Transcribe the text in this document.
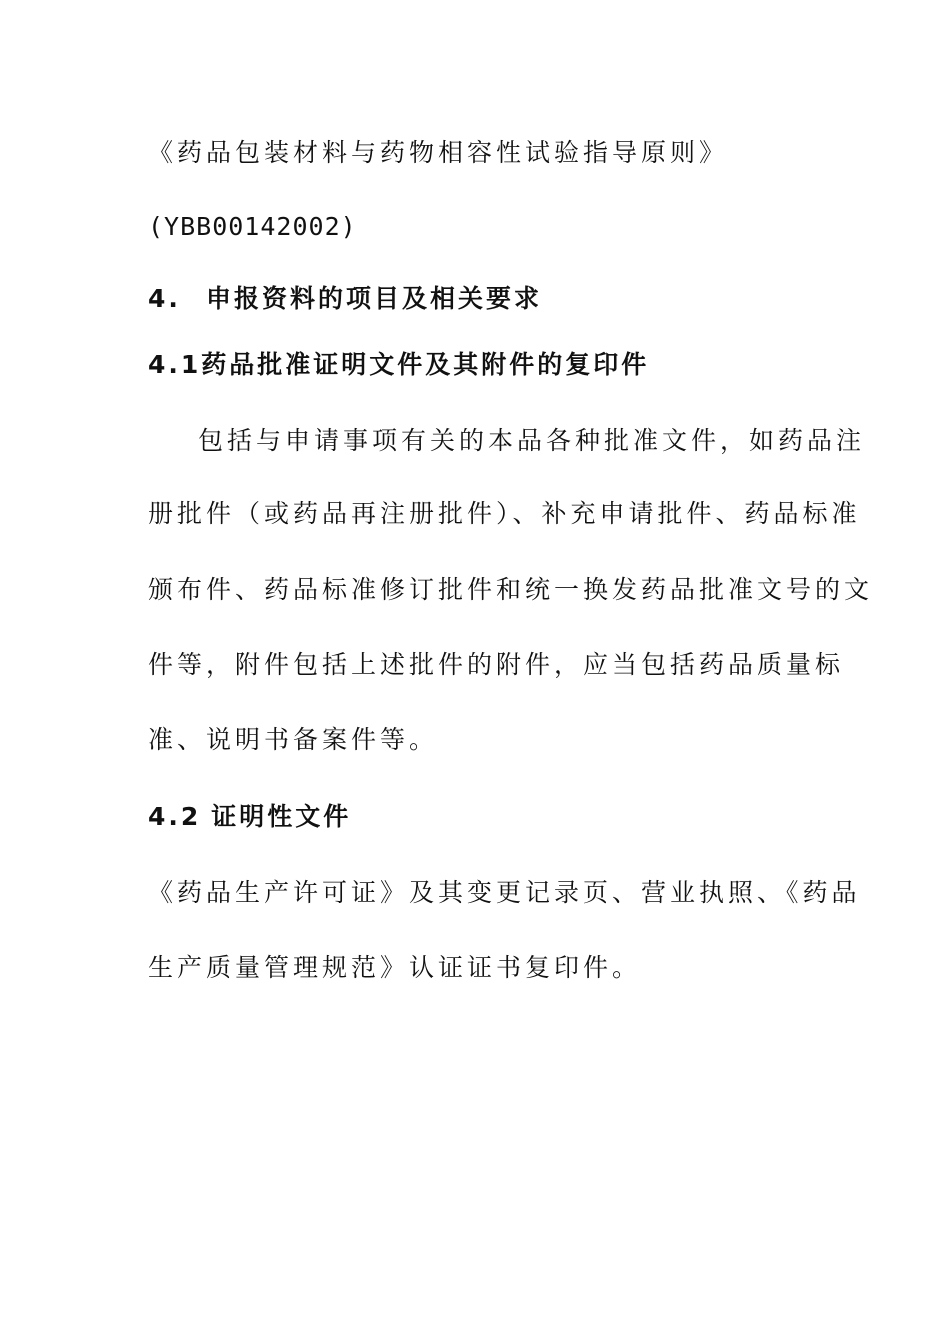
《药品包装材料与药物相容性试验指导原则》
(YBB00142002)
4. 申报资料的项目及相关要求
4.1药品批准证明文件及其附件的复印件
包括与申请事项有关的本品各种批准文件，如药品注
册批件（或药品再注册批件）、补充申请批件、药品标准
颁布件、药品标准修订批件和统一换发药品批准文号的文
件等，附件包括上述批件的附件，应当包括药品质量标
准、说明书备案件等。
4.2 证明性文件
《药品生产许可证》及其变更记录页、营业执照、《药品
生产质量管理规范》认证证书复印件。
